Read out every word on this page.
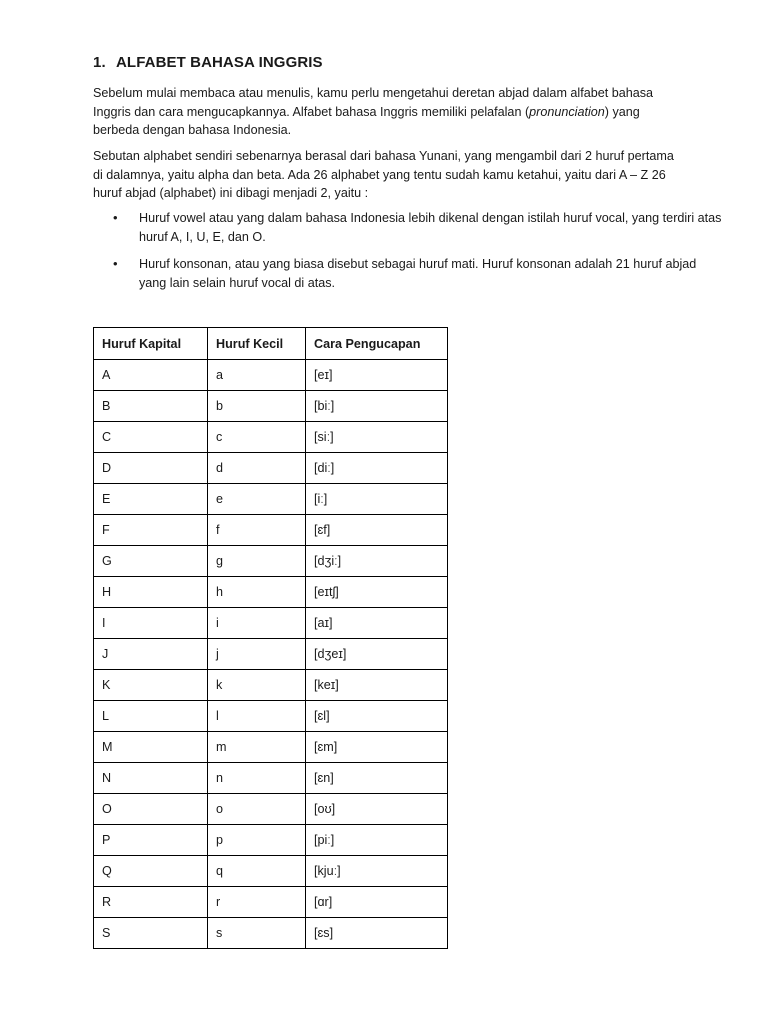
1. ALFABET BAHASA INGGRIS

Sebelum mulai membaca atau menulis, kamu perlu mengetahui deretan abjad dalam alfabet bahasa Inggris dan cara mengucapkannya. Alfabet bahasa Inggris memiliki pelafalan (pronunciation) yang berbeda dengan bahasa Indonesia.

Sebutan alphabet sendiri sebenarnya berasal dari bahasa Yunani, yang mengambil dari 2 huruf pertama di dalamnya, yaitu alpha dan beta. Ada 26 alphabet yang tentu sudah kamu ketahui, yaitu dari A – Z 26 huruf abjad (alphabet) ini dibagi menjadi 2, yaitu :

• Huruf vowel atau yang dalam bahasa Indonesia lebih dikenal dengan istilah huruf vocal, yang terdiri atas huruf A, I, U, E, dan O.
• Huruf konsonan, atau yang biasa disebut sebagai huruf mati. Huruf konsonan adalah 21 huruf abjad yang lain selain huruf vocal di atas.
Huruf Kapital	Huruf Kecil	Cara Pengucapan
A	a	[eɪ]
B	b	[biː]
C	c	[siː]
D	d	[diː]
E	e	[iː]
F	f	[ɛf]
G	g	[dʒiː]
H	h	[eɪtʃ]
I	i	[aɪ]
J	j	[dʒeɪ]
K	k	[keɪ]
L	l	[ɛl]
M	m	[ɛm]
N	n	[ɛn]
O	o	[oʊ]
P	p	[piː]
Q	q	[kjuː]
R	r	[ɑr]
S	s	[ɛs]
